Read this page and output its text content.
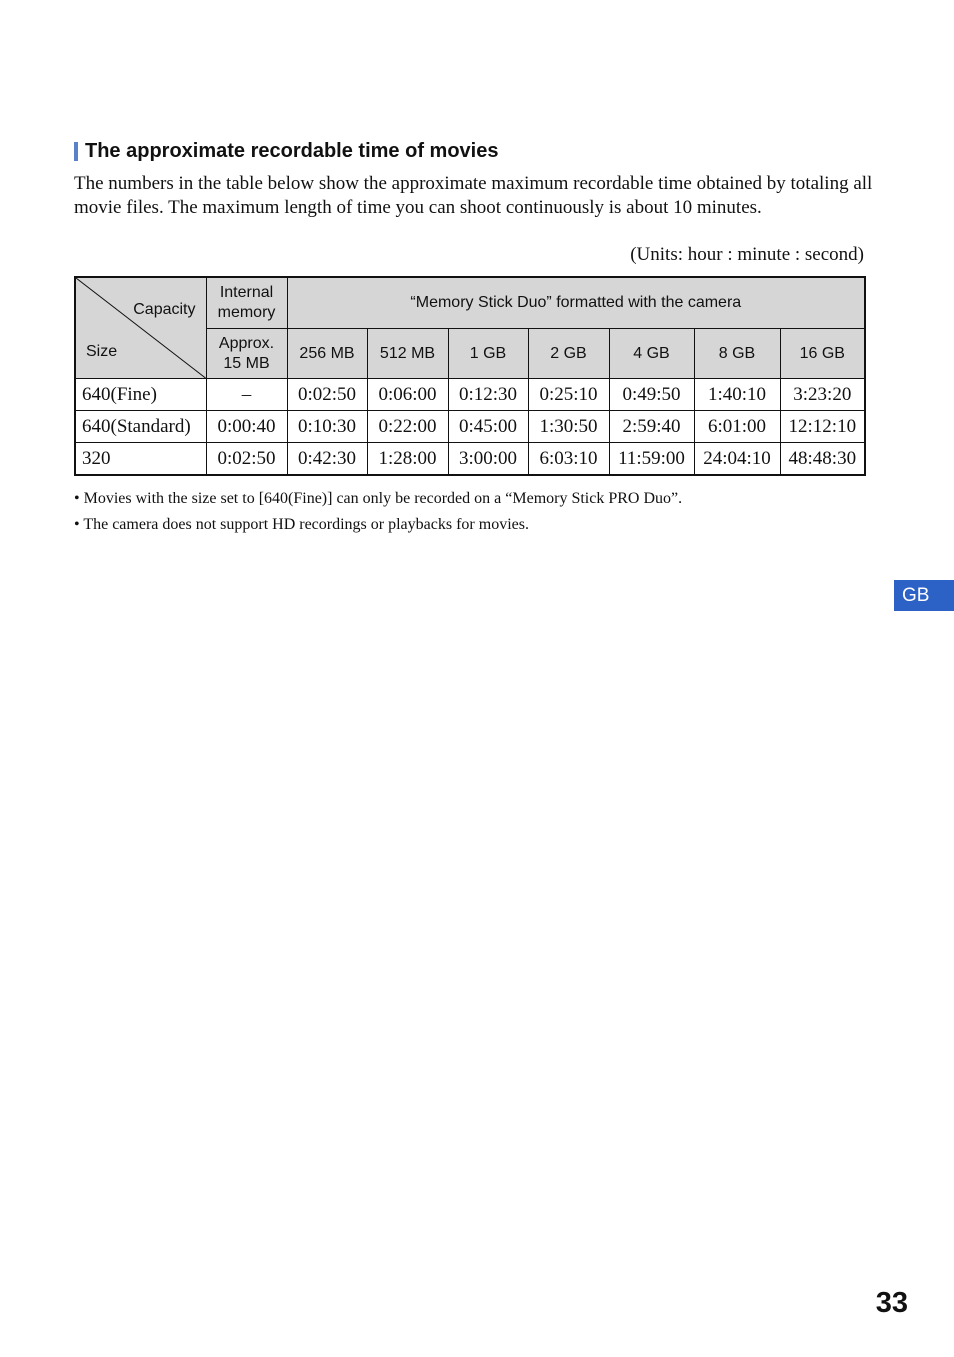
The approximate recordable time of movies

The numbers in the table below show the approximate maximum recordable time obtained by totaling all movie files. The maximum length of time you can shoot continuously is about 10 minutes.

(Units: hour : minute : second)

Capacity
Size	Internal memory	“Memory Stick Duo” formatted with the camera						

	Approx. 15 MB	256 MB	512 MB	1 GB	2 GB	4 GB	8 GB	16 GB
640(Fine)	–	0:02:50	0:06:00	0:12:30	0:25:10	0:49:50	1:40:10	3:23:20
640(Standard)	0:00:40	0:10:30	0:22:00	0:45:00	1:30:50	2:59:40	6:01:00	12:12:10
320	0:02:50	0:42:30	1:28:00	3:00:00	6:03:10	11:59:00	24:04:10	48:48:30
• Movies with the size set to [640(Fine)] can only be recorded on a “Memory Stick PRO Duo”.
• The camera does not support HD recordings or playbacks for movies.
GB
33
